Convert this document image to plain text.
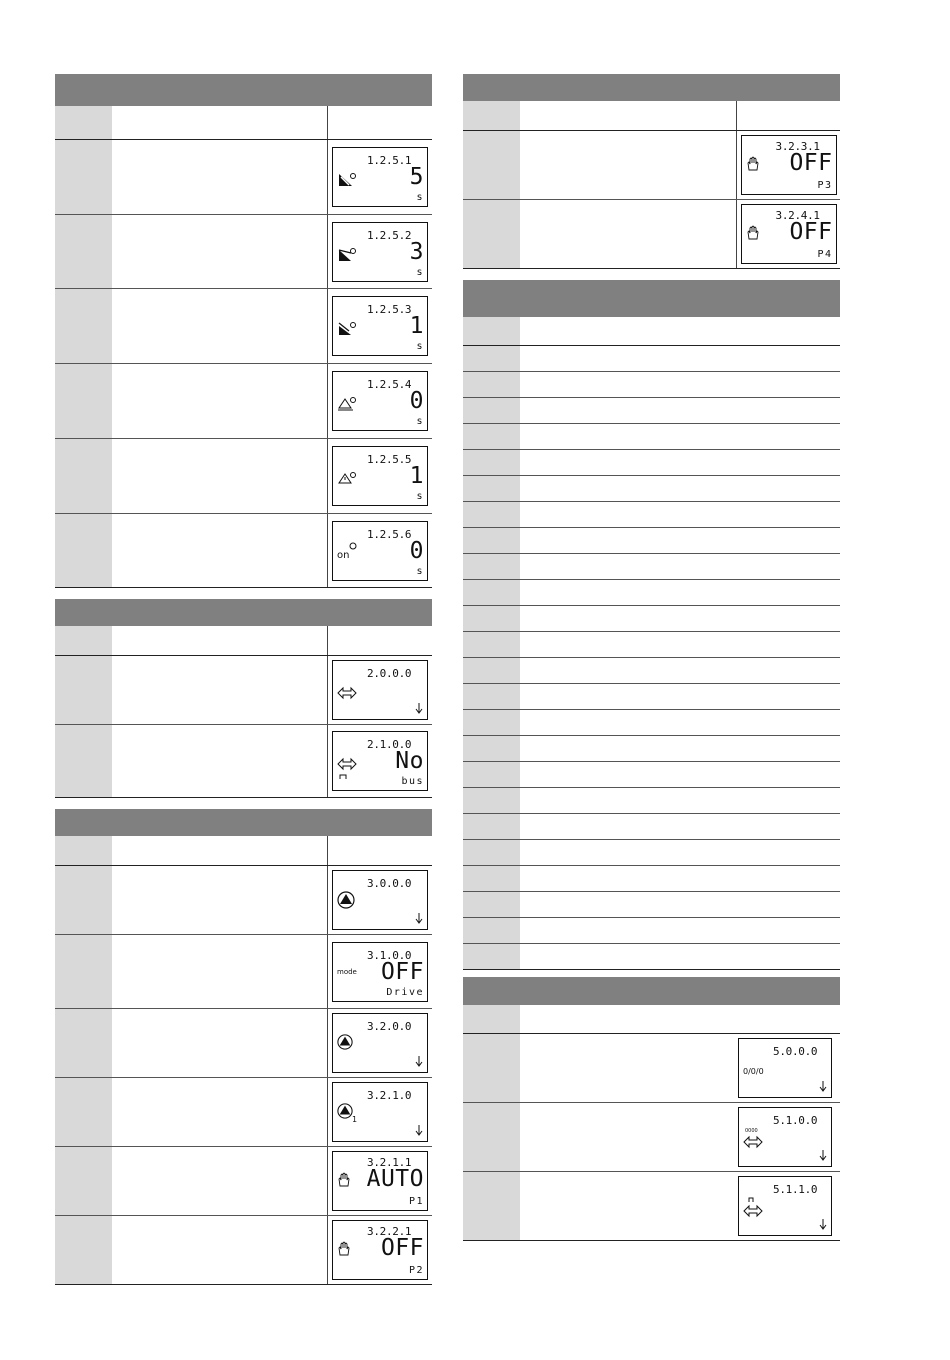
1.2.5.1
5
s
1.2.5.2
3
s
1.2.5.3
1
s
1.2.5.4
0
s
1.2.5.5
1
s
on
1.2.5.6
0
s
2.0.0.0
2.1.0.0
No
bus
3.0.0.0
mode
3.1.0.0
OFF
Drive
3.2.0.0
1
3.2.1.0
3.2.1.1
AUTO
P1
3.2.2.1
OFF
P2
3.2.3.1
OFF
P3
3.2.4.1
OFF
P4
0/0/0
5.0.0.0
0000
5.1.0.0
5.1.1.0
